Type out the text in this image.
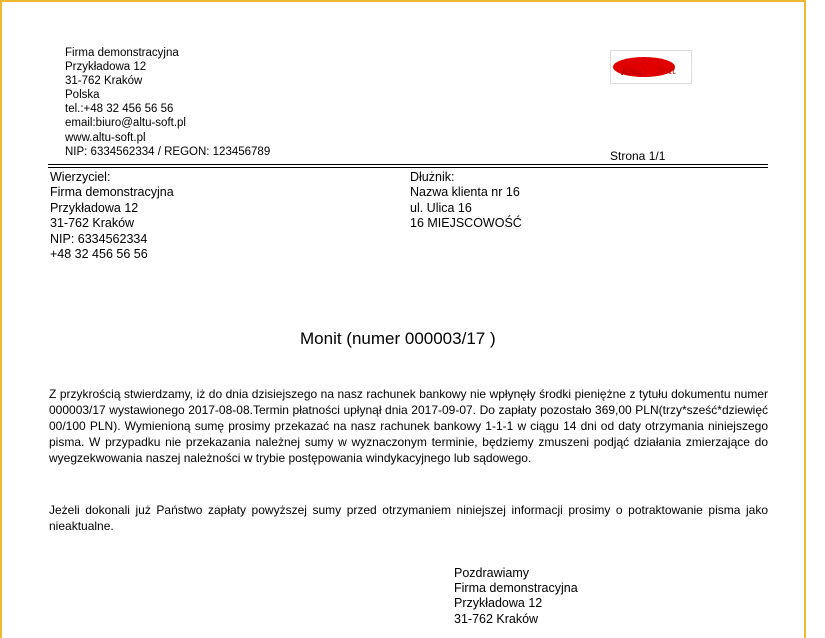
Firma demonstracyjna
Przykładowa 12
31-762 Kraków
Polska
tel.:+48 32 456 56 56
email:biuro@altu-soft.pl
www.altu-soft.pl
NIP: 6334562334 / REGON: 123456789
Altu Soft
Strona 1/1
Wierzyciel:
Firma demonstracyjna
Przykładowa 12
31-762 Kraków
NIP: 6334562334
+48 32 456 56 56
Dłużnik:
Nazwa klienta nr 16
ul. Ulica 16
16 MIEJSCOWOŚĆ
Monit (numer 000003/17 )
Z przykrością stwierdzamy, iż do dnia dzisiejszego na nasz rachunek bankowy nie wpłynęły środki pieniężne z tytułu dokumentu numer 000003/17 wystawionego 2017-08-08.Termin płatności upłynął dnia 2017-09-07. Do zapłaty pozostało 369,00 PLN(trzy*sześć*dziewięć 00/100 PLN). Wymienioną sumę prosimy przekazać na nasz rachunek bankowy 1-1-1 w ciągu 14 dni od daty otrzymania niniejszego pisma. W przypadku nie przekazania należnej sumy w wyznaczonym terminie, będziemy zmuszeni podjąć działania zmierzające do wyegzekwowania naszej należności w trybie postępowania windykacyjnego lub sądowego.
Jeżeli dokonali już Państwo zapłaty powyższej sumy przed otrzymaniem niniejszej informacji prosimy o potraktowanie pisma jako nieaktualne.
Pozdrawiamy
Firma demonstracyjna
Przykładowa 12
31-762 Kraków
